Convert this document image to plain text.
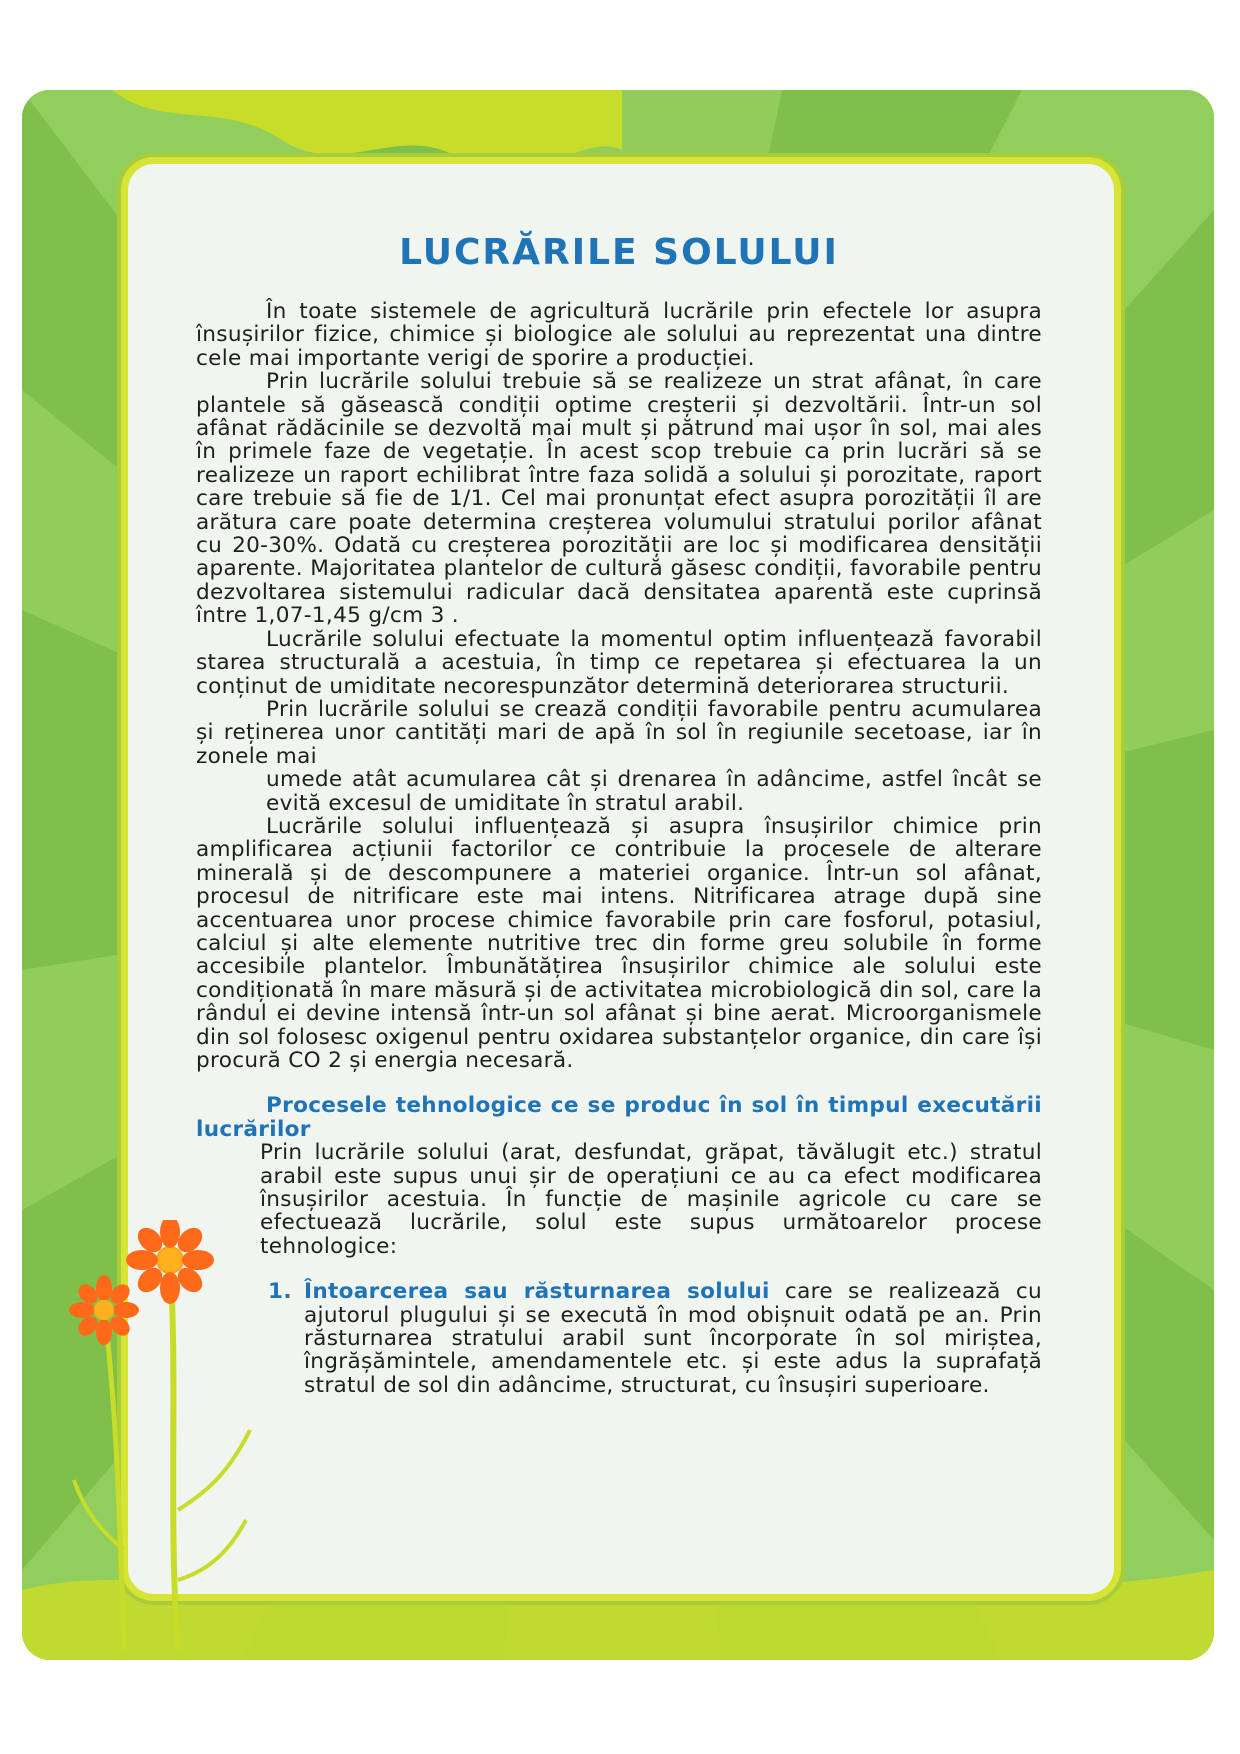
LUCRĂRILE SOLULUI

În toate sistemele de agricultură lucrările prin efectele lor asupra însușirilor fizice, chimice și biologice ale solului au reprezentat una dintre cele mai importante verigi de sporire a producției.

Prin lucrările solului trebuie să se realizeze un strat afânat, în care plantele să găsească condiții optime creșterii și dezvoltării. Într-un sol afânat rădăcinile se dezvoltă mai mult și pătrund mai ușor în sol, mai ales în primele faze de vegetație. În acest scop trebuie ca prin lucrări să se realizeze un raport echilibrat între faza solidă a solului și porozitate, raport care trebuie să fie de 1/1. Cel mai pronunțat efect asupra porozității îl are arătura care poate determina creșterea volumului stratului porilor afânat cu 20-30%. Odată cu creșterea porozității are loc și modificarea densității aparente. Majoritatea plantelor de cultură găsesc condiții, favorabile pentru dezvoltarea sistemului radicular dacă densitatea aparentă este cuprinsă între 1,07-1,45 g/cm 3 .

Lucrările solului efectuate la momentul optim influențează favorabil starea structurală a acestuia, în timp ce repetarea și efectuarea la un conținut de umiditate necorespunzător determină deteriorarea structurii.

Prin lucrările solului se crează condiții favorabile pentru acumularea și reținerea unor cantități mari de apă în sol în regiunile secetoase, iar în zonele mai

umede atât acumularea cât și drenarea în adâncime, astfel încât se evită excesul de umiditate în stratul arabil.

Lucrările solului influențează și asupra însușirilor chimice prin amplificarea acțiunii factorilor ce contribuie la procesele de alterare minerală și de descompunere a materiei organice. Într-un sol afânat, procesul de nitrificare este mai intens. Nitrificarea atrage după sine accentuarea unor procese chimice favorabile prin care fosforul, potasiul, calciul și alte elemente nutritive trec din forme greu solubile în forme accesibile plantelor. Îmbunătățirea însușirilor chimice ale solului este condiționată în mare măsură și de activitatea microbiologică din sol, care la rândul ei devine intensă într-un sol afânat și bine aerat. Microorganismele din sol folosesc oxigenul pentru oxidarea substanțelor organice, din care își procură CO 2 și energia necesară.

Procesele tehnologice ce se produc în sol în timpul executării lucrărilor

Prin lucrările solului (arat, desfundat, grăpat, tăvălugit etc.) stratul arabil este supus unui șir de operațiuni ce au ca efect modificarea însușirilor acestuia. În funcție de mașinile agricole cu care se efectuează lucrările, solul este supus următoarelor procese tehnologice:

1. Întoarcerea sau răsturnarea solului care se realizează cu ajutorul plugului și se execută în mod obișnuit odată pe an. Prin răsturnarea stratului arabil sunt încorporate în sol miriștea, îngrășămintele, amendamentele etc. și este adus la suprafață stratul de sol din adâncime, structurat, cu însușiri superioare.
